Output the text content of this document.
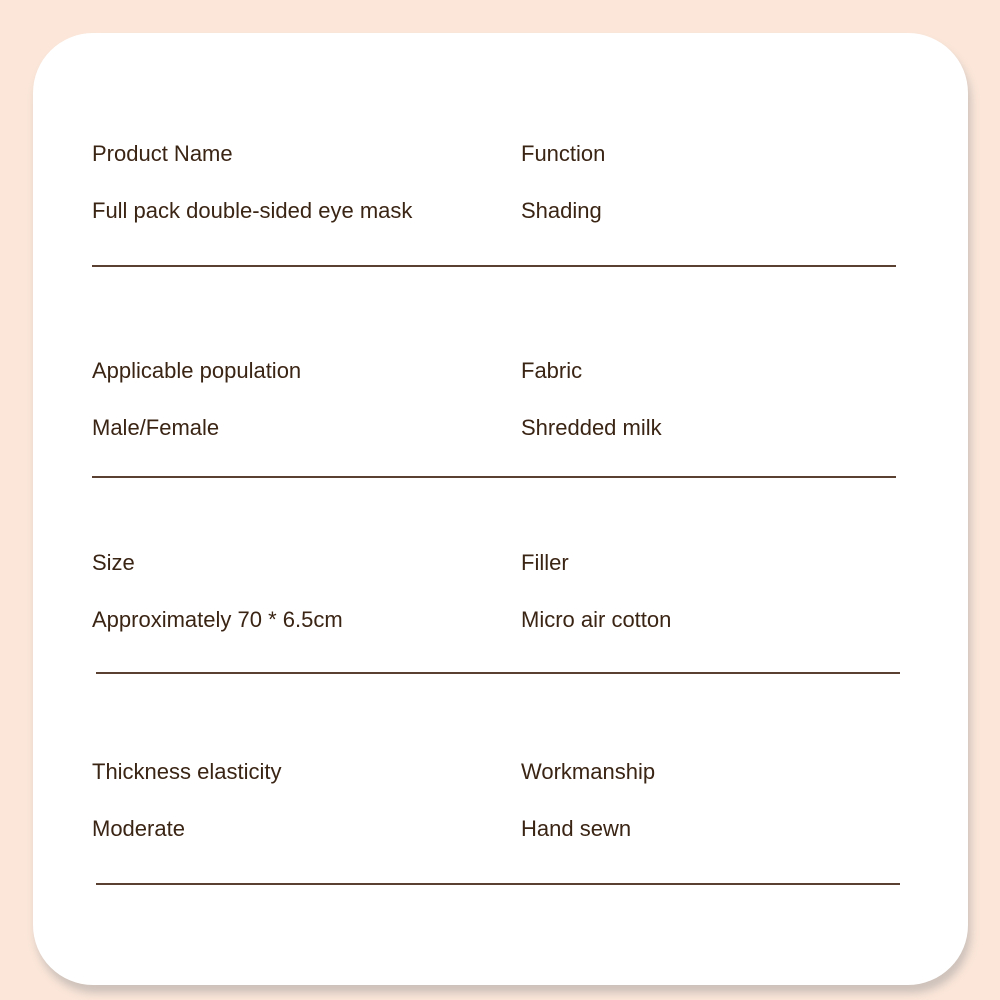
Product Name
Full pack double-sided eye mask
Function
Shading
Applicable population
Male/Female
Fabric
Shredded milk
Size
Approximately 70 * 6.5cm
Filler
Micro air cotton
Thickness elasticity
Moderate
Workmanship
Hand sewn
